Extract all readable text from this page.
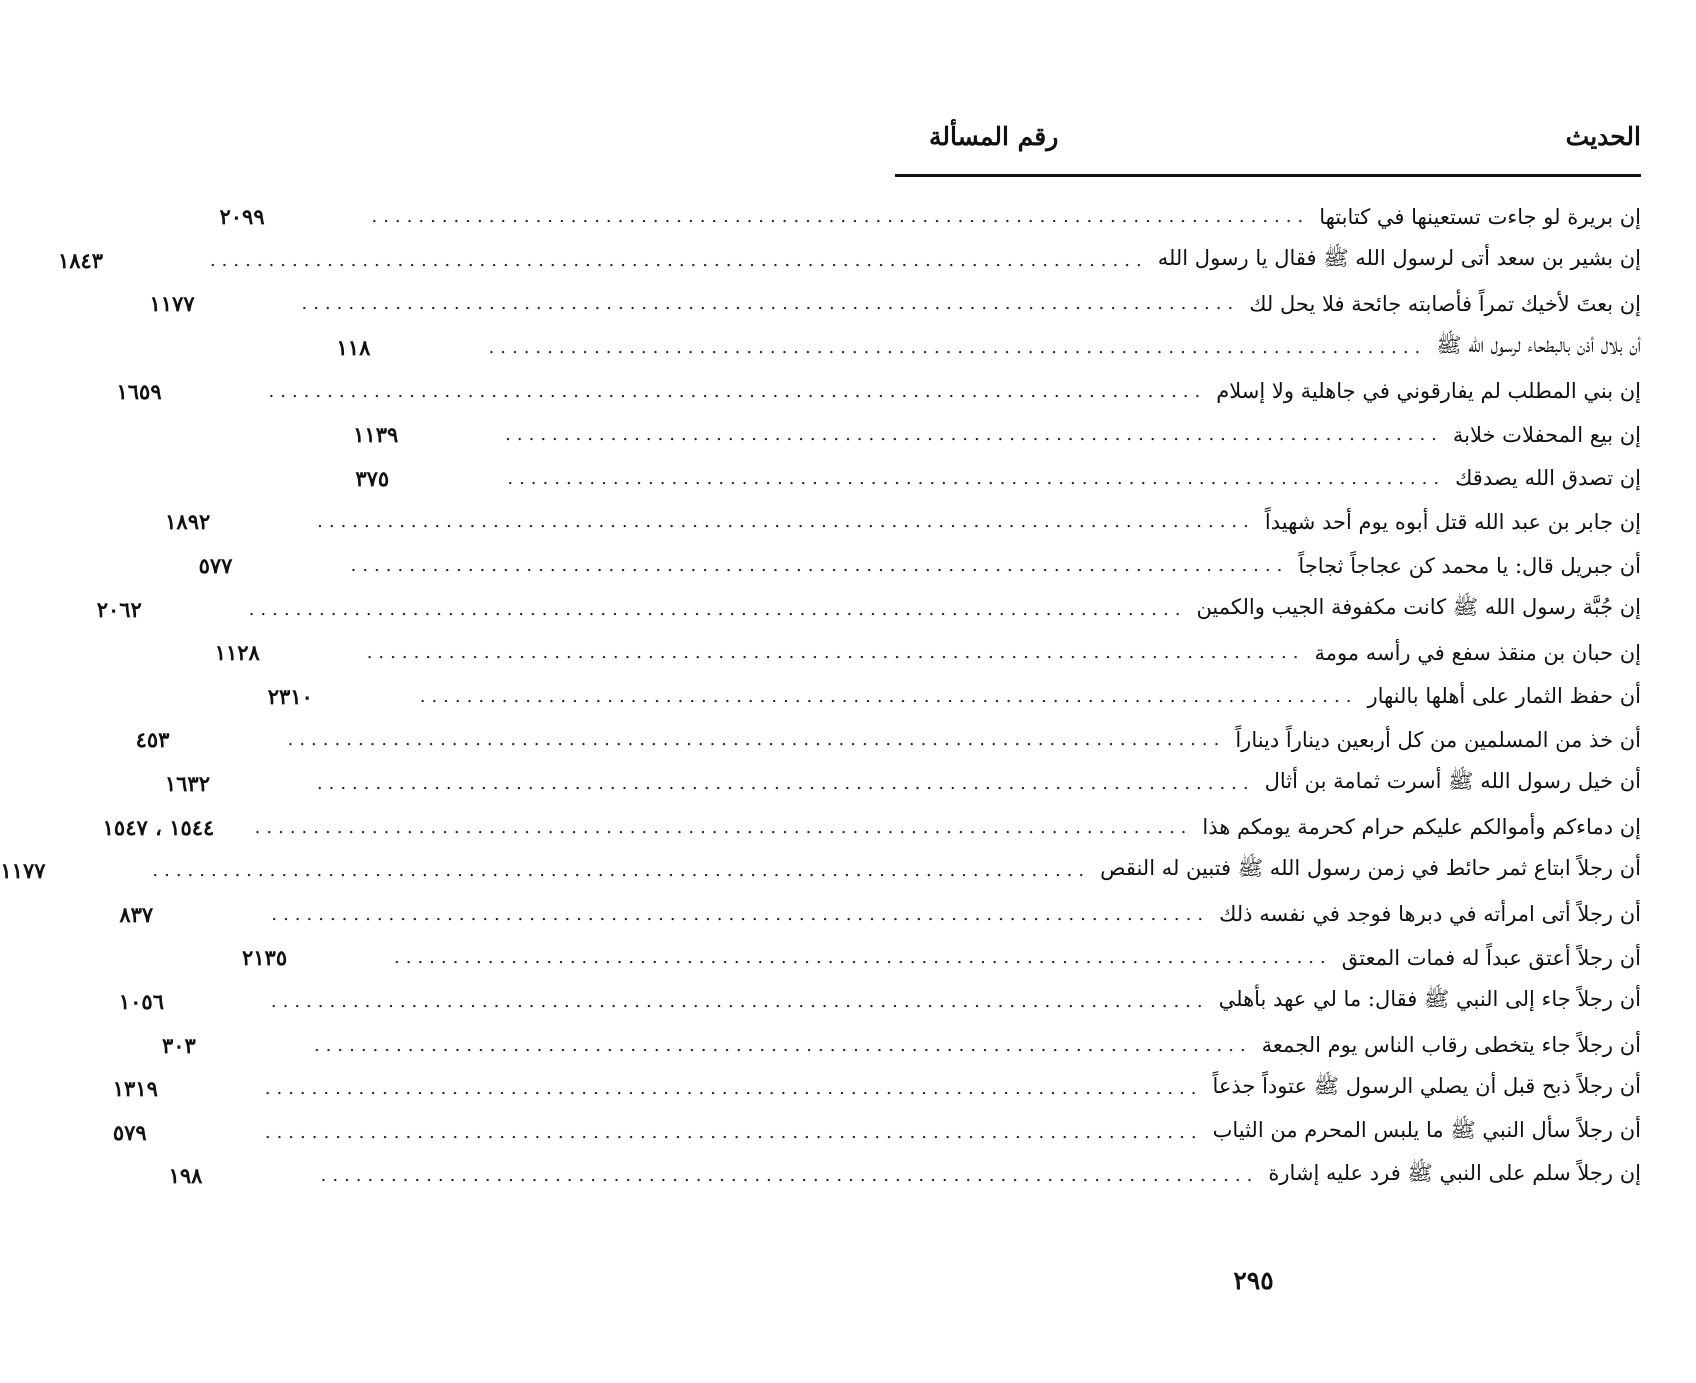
الحديث
رقم المسألة
إن بريرة لو جاءت تستعينها في كتابتها
................................................................................
٢٠٩٩
إن بشير بن سعد أتى لرسول الله ﷺ فقال يا رسول الله
................................................................................
١٨٤٣
إن بعتَ لأخيك تمراً فأصابته جائحة فلا يحل لك
................................................................................
١١٧٧
أن بلال أذن بالبطحاء لرسول الله ﷺ
................................................................................
١١٨
إن بني المطلب لم يفارقوني في جاهلية ولا إسلام
................................................................................
١٦٥٩
إن بيع المحفلات خلابة
................................................................................
١١٣٩
إن تصدق الله يصدقك
................................................................................
٣٧٥
إن جابر بن عبد الله قتل أبوه يوم أحد شهيداً
................................................................................
١٨٩٢
أن جبريل قال: يا محمد كن عجاجاً ثجاجاً
................................................................................
٥٧٧
إن جُبَّة رسول الله ﷺ كانت مكفوفة الجيب والكمين
................................................................................
٢٠٦٢
إن حبان بن منقذ سفع في رأسه مومة
................................................................................
١١٢٨
أن حفظ الثمار على أهلها بالنهار
................................................................................
٢٣١٠
أن خذ من المسلمين من كل أربعين ديناراً ديناراً
................................................................................
٤٥٣
أن خيل رسول الله ﷺ أسرت ثمامة بن أثال
................................................................................
١٦٣٢
إن دماءكم وأموالكم عليكم حرام كحرمة يومكم هذا
................................................................................
١٥٤٤ ، ١٥٤٧
أن رجلاً ابتاع ثمر حائط في زمن رسول الله ﷺ فتبين له النقص
................................................................................
١١٧٧
أن رجلاً أتى امرأته في دبرها فوجد في نفسه ذلك
................................................................................
٨٣٧
أن رجلاً أعتق عبداً له فمات المعتق
................................................................................
٢١٣٥
أن رجلاً جاء إلى النبي ﷺ فقال: ما لي عهد بأهلي
................................................................................
١٠٥٦
أن رجلاً جاء يتخطى رقاب الناس يوم الجمعة
................................................................................
٣٠٣
أن رجلاً ذبح قبل أن يصلي الرسول ﷺ عتوداً جذعاً
................................................................................
١٣١٩
أن رجلاً سأل النبي ﷺ ما يلبس المحرم من الثياب
................................................................................
٥٧٩
إن رجلاً سلم على النبي ﷺ فرد عليه إشارة
................................................................................
١٩٨
٢٩٥
